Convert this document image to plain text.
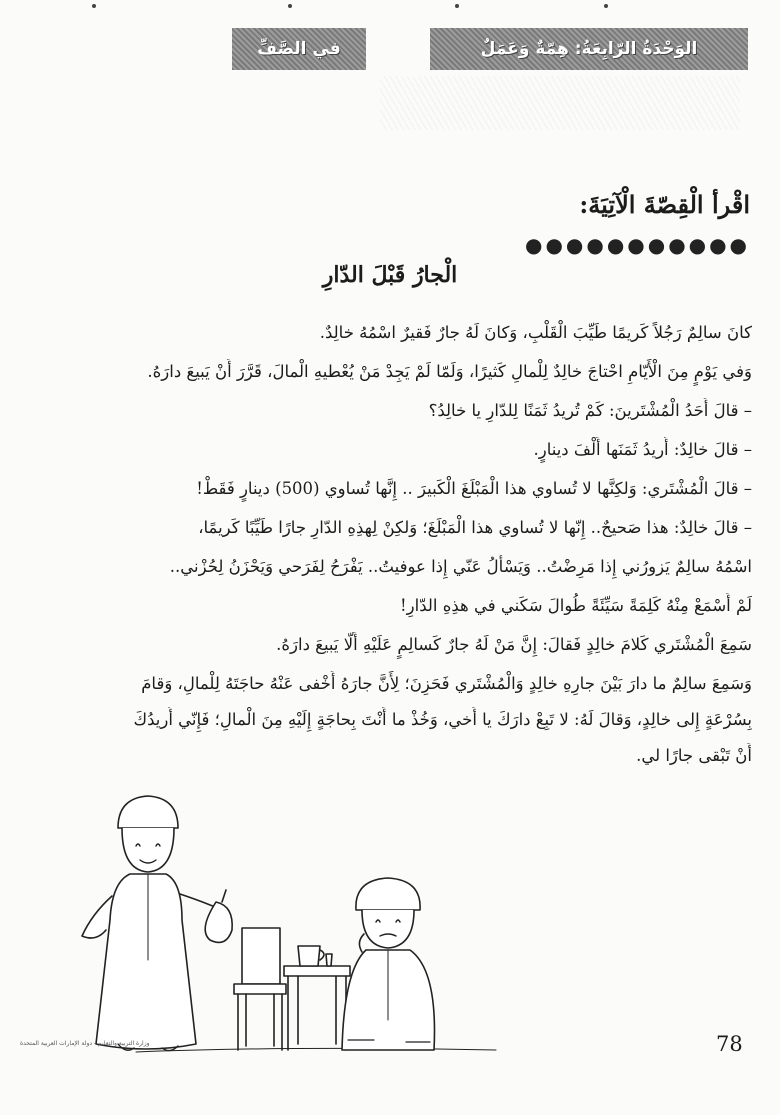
الوَحْدَةُ الرّابِعَةُ: هِمّةٌ وَعَمَلٌ
في الصَّفِّ
اقْرأ الْقِصّةَ الْآتِيَةَ:
●●●●●●●●●●●
الْجارُ قَبْلَ الدّارِ

كانَ سالِمٌ رَجُلاً كَريمًا طَيِّبَ الْقَلْبِ، وَكانَ لَهُ جارٌ فَقيرٌ اسْمُهُ خالِدٌ.

وَفي يَوْمٍ مِنَ الْأَيّامِ احْتاجَ خالِدٌ لِلْمالِ كَثيرًا، وَلَمّا لَمْ يَجِدْ مَنْ يُعْطيهِ الْمالَ، قَرَّرَ أَنْ يَبيعَ دارَهُ.

– قالَ أَحَدُ الْمُشْتَرينَ: كَمْ تُريدُ ثَمَنًا لِلدّارِ يا خالِدُ؟

– قالَ خالِدٌ: أُريدُ ثَمَنَها أَلْفَ دينارٍ.

– قالَ الْمُشْتَري: وَلكِنَّها لا تُساوي هذا الْمَبْلَغَ الْكَبيرَ .. إِنَّها تُساوي (500) دينارٍ فَقَطْ!

– قالَ خالِدٌ: هذا صَحيحٌ.. إِنّها لا تُساوي هذا الْمَبْلَغَ؛ وَلكِنْ لِهذِهِ الدّارِ جارًا طَيِّبًا كَريمًا،

اسْمُهُ سالِمٌ يَزورُني إِذا مَرِضْتُ.. وَيَسْأَلُ عَنّي إِذا عوفيتُ.. يَفْرَحُ لِفَرَحي وَيَحْزَنُ لِحُزْني..

لَمْ أَسْمَعْ مِنْهُ كَلِمَةً سَيِّئَةً طُوالَ سَكَني في هذِهِ الدّارِ!

سَمِعَ الْمُشْتَري كَلامَ خالِدٍ فَقالَ: إِنَّ مَنْ لَهُ جارٌ كَسالِمٍ عَلَيْهِ أَلّا يَبيعَ دارَهُ.

وَسَمِعَ سالِمٌ ما دارَ بَيْنَ جارِهِ خالِدٍ وَالْمُشْتَري فَحَزِنَ؛ لِأَنَّ جارَهُ أَخْفى عَنْهُ حاجَتَهُ لِلْمالِ، وَقامَ

بِسُرْعَةٍ إِلى خالِدٍ، وَقالَ لَهُ: لا تَبِعْ دارَكَ يا أَخي، وَخُذْ ما أَنْتَ بِحاجَةٍ إِلَيْهِ مِنَ الْمالِ؛ فَإِنّي أُريدُكَ

أَنْ تَبْقى جارًا لي.

وزارة التربية والتعليم - دولة الإمارات العربية المتحدة	78
